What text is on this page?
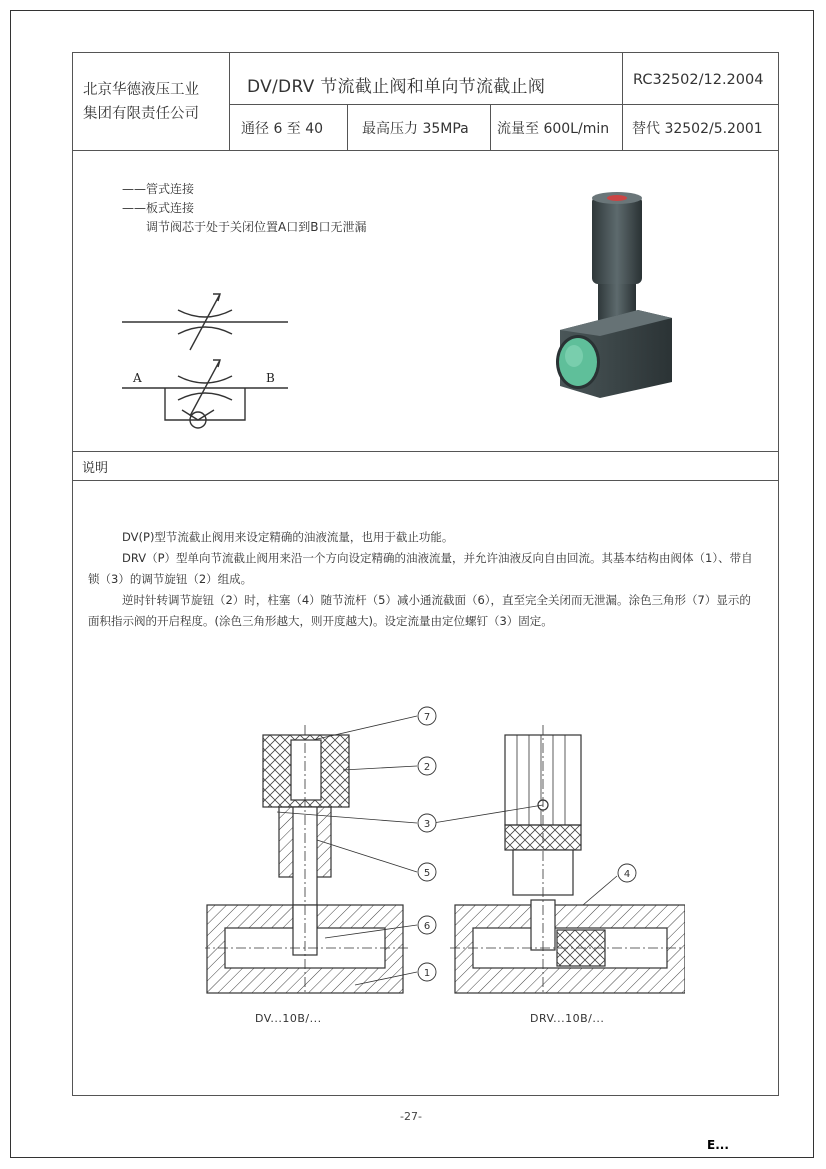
北京华德液压工业
集团有限责任公司
DV/DRV 节流截止阀和单向节流截止阀	RC32502/12.2004
通径 6 至 40	最高压力 35MPa 流量至 600L/min 替代 32502/5.2001
——管式连接
——板式连接
调节阀芯于处于关闭位置A口到B口无泄漏
A	B
说明
DV(P)型节流截止阀用来设定精确的油液流量，也用于截止功能。
DRV（P）型单向节流截止阀用来沿一个方向设定精确的油液流量，并允许油液反向自由回流。其基本结构由阀体（1）、带自锁（3）的调节旋钮（2）组成。
逆时针转调节旋钮（2）时，柱塞（4）随节流杆（5）减小通流截面（6），直至完全关闭而无泄漏。涂色三角形（7）显示的面积指示阀的开启程度。(涂色三角形越大，则开度越大)。设定流量由定位螺钉（3）固定。
7
2
3
5
6
1
4
DV...10B/...	DRV...10B/...
-27-
E...
